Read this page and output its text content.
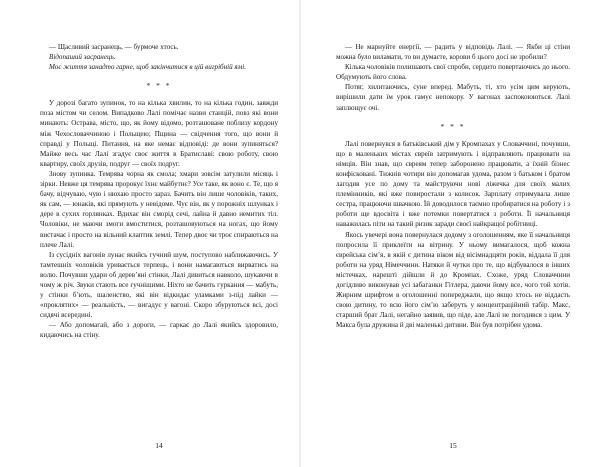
— Щасливий засранець, — бурмоче хтось.

Відопаший засранець.

Моє життя занадто гарне, щоб закінчитися в цій вигрібній ямі.

* * *

У дорозі багато зупинок, то на кілька хвилин, то на кілька годин, завжди поза містом чи селом. Випадково Лалі помічає назви станцій, повз які вони минають: Острава, місто, що, як йому відомо, розташоване поблизу кордону між Чехословаччиною і Польщею; Пщина — свідчення того, що вони й справді у Польщі. Питання, на яке немає відповіді: де вони зупиняться? Майже весь час Лалі згадує своє життя в Братиславі: свою роботу, свою квартиру, своїх друзів, подруг — своїх подруг.

Знову зупинка. Темрява чорна як смола; хмари зовсім затулили місяць і зірки. Невже ця темрява пророкує їхнє майбутнє? Усе таке, як воно є. Те, що я бачу, відчуваю, чую і нюхаю просто зараз. Бачить він лише чоловіків, таких, як сам, — юнаків, які прямують у невідоме. Чує він, як у порожніх шлунках і дере в сухих горлянках. Вдихає він сморід сечі, лайна й давно немитих тіл. Чоловіки, не маючи змоги вмоститися, розташовуються на ногах, що йому вистачає і просто на вільний клаптик землі. Тепер двоє чи троє спираються на плече Лалі.

Із сусідніх вагонів лунає якийсь гучний шум, поступово наближаючись. У тамтешніх чоловіків уривається терпець, і вони намагаються вирватись на волю. Почувши удари об дерев’яні стінки, Лалі дивиться навколо, шукаючи в чому ж річ. Звуки стають все гучнішими. Ніхто не бачить гуркання — мабуть, у стінки б’ють, шаленство, які він відкидає уламками з-під лайки — «проклятих» — реальність, — вигадує у вагоні. Скоро збуруються всі, досі сидячі всередині.

— Або допомагай, або з дороги, — гаркає до Лалі якийсь здоровило, кидаючись на стіну.

14

— Не марнуйте енергії, — радить у відповідь Лалі. — Якби ці стіни можна було виламати, то ви думаєте, корови б цього досі не зробили?

Кілька чоловіків полишають свої спроби, сердито повертаючись до нього. Обдумують його слова.

Потяг, хилитаючись, суне вперед. Мабуть, ті, хто усім цим керують, вирішили дати їм урок гамує непокору. У вагонах заспокоюються. Лалі заплющує очі.

* * *

Лалі повернувся в батьківський дім у Кромпахах у Словаччині, почувши, що в маленьких містах євреїв затримують і відправляють працювати на німців. Він знав, що євреям тепер заборонено працювати, а їхній бізнес конфісковані. Тижнів чотири він допомагав удома, разом з батьком і братом лагодив усе по дому та майструючи нові ліжечка для своїх малих племінників, які вже повиростали з колисок. Зарплату отримувала лише сестра, працюючи швачкою. Їй доводилося таємно пробиратися на роботу і з роботи ще вдосвіта і вже потемки повертатися з роботи. Її начальниця наважилась піти на такий ризик заради своєї найкращої робітниці.

Якось увечері вона повернулася додому з оголошенням, яке її начальниця попросила її приклеїти на вітрину. У ньому вимагалося, щоб кожна єврейська сім’я, в якій є дитина віком від вісімнадцяти років, віддала її для роботи на уряд Німеччини. Натяки й чутки про те, що відбувалося в інших містечках, нарешті дійшли й до Кромпах. Схоже, уряд Словаччини догідливо виконував усі забаганки Гітлера, даючи йому все, чого той хотів. Жирним шрифтом в оголошенні попереджали, що якщо хтось не віддасть свою дитину, то всю його сім’ю заберуть у концентраційний табір. Макс, старший брат Лалі, негайно заявив, що піде, але Лалі не погодився з цим. У Макса була дружина й дві маленькі дитини. Він був потрібен удома.

15
